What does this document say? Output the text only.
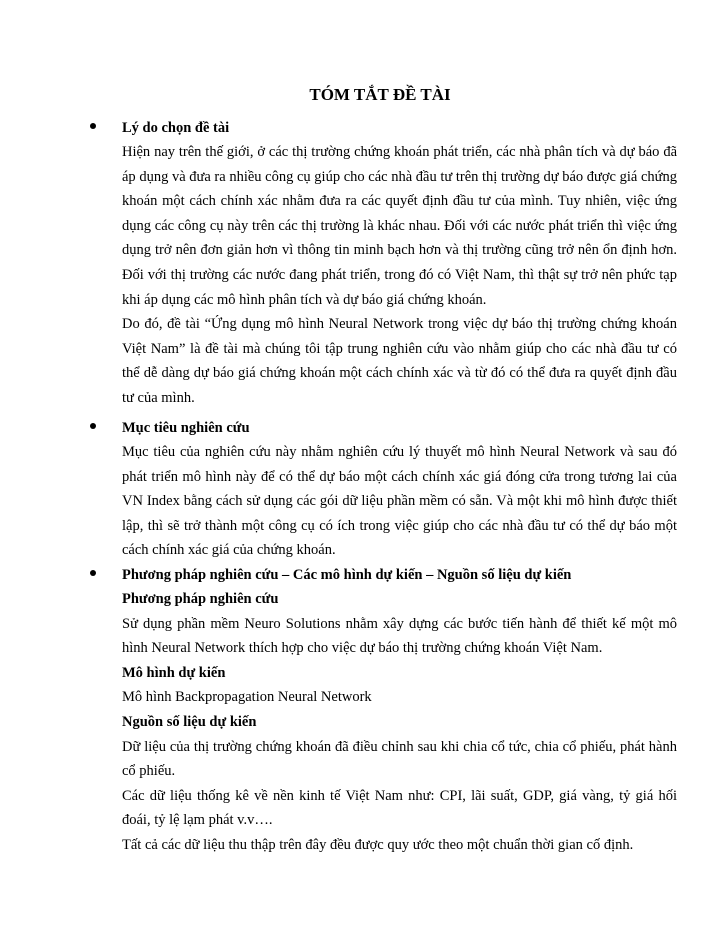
TÓM TẮT ĐỀ TÀI

Lý do chọn đề tài

Hiện nay trên thế giới, ở các thị trường chứng khoán phát triển, các nhà phân tích và dự báo đã áp dụng và đưa ra nhiều công cụ giúp cho các nhà đầu tư trên thị trường dự báo được giá chứng khoán một cách chính xác nhằm đưa ra các quyết định đầu tư của mình. Tuy nhiên, việc ứng dụng các công cụ này trên các thị trường là khác nhau. Đối với các nước phát triển thì việc ứng dụng trở nên đơn giản hơn vì thông tin minh bạch hơn và thị trường cũng trở nên ổn định hơn. Đối với thị trường các nước đang phát triển, trong đó có Việt Nam, thì thật sự trở nên phức tạp khi áp dụng các mô hình phân tích và dự báo giá chứng khoán.

Do đó, đề tài “Ứng dụng mô hình Neural Network trong việc dự báo thị trường chứng khoán Việt Nam” là đề tài mà chúng tôi tập trung nghiên cứu vào nhằm giúp cho các nhà đầu tư có thể dễ dàng dự báo giá chứng khoán một cách chính xác và từ đó có thể đưa ra quyết định đầu tư của mình.

Mục tiêu nghiên cứu

Mục tiêu của nghiên cứu này nhằm nghiên cứu lý thuyết mô hình Neural Network và sau đó phát triển mô hình này để có thể dự báo một cách chính xác giá đóng cửa trong tương lai của VN Index bằng cách sử dụng các gói dữ liệu phần mềm có sẵn. Và một khi mô hình được thiết lập, thì sẽ trở thành một công cụ có ích trong việc giúp cho các nhà đầu tư có thể dự báo một cách chính xác giá của chứng khoán.

Phương pháp nghiên cứu – Các mô hình dự kiến – Nguồn số liệu dự kiến

Phương pháp nghiên cứu

Sử dụng phần mềm Neuro Solutions nhằm xây dựng các bước tiến hành để thiết kế một mô hình Neural Network thích hợp cho việc dự báo thị trường chứng khoán Việt Nam.

Mô hình dự kiến

Mô hình Backpropagation Neural Network

Nguồn số liệu dự kiến

Dữ liệu của thị trường chứng khoán đã điều chỉnh sau khi chia cổ tức, chia cổ phiếu, phát hành cổ phiếu.

Các dữ liệu thống kê về nền kinh tế Việt Nam như: CPI, lãi suất, GDP, giá vàng, tỷ giá hối đoái, tỷ lệ lạm phát v.v….

Tất cả các dữ liệu thu thập trên đây đều được quy ước theo một chuẩn thời gian cố định.
